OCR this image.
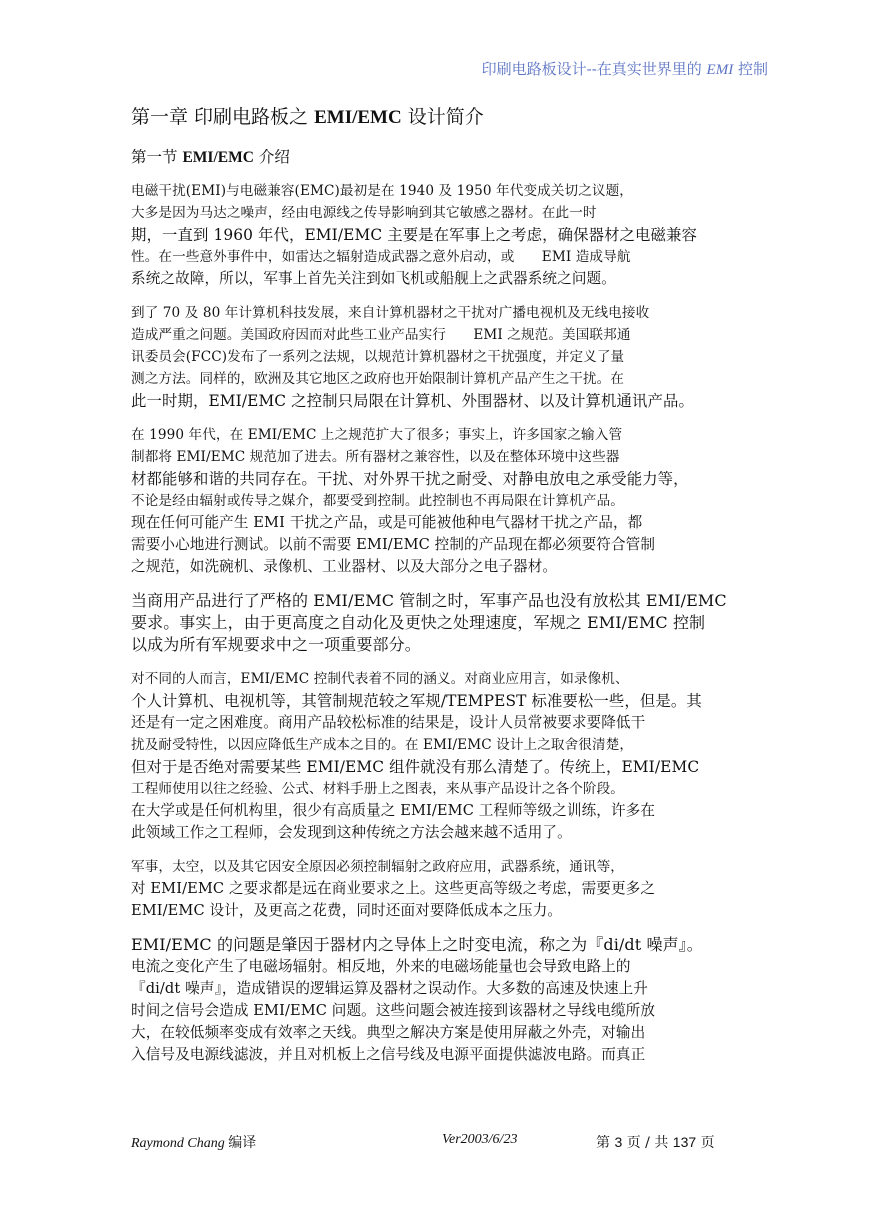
印刷电路板设计--在真实世界里的 EMI 控制
第一章 印刷电路板之 EMI/EMC 设计简介
第一节 EMI/EMC 介绍
电磁干扰(EMI)与电磁兼容(EMC)最初是在 1940 及 1950 年代变成关切之议题，
大多是因为马达之噪声，经由电源线之传导影响到其它敏感之器材。在此一时
期，一直到 1960 年代，EMI/EMC 主要是在军事上之考虑，确保器材之电磁兼容
性。在一些意外事件中，如雷达之辐射造成武器之意外启动，或　　EMI 造成导航
系统之故障，所以，军事上首先关注到如飞机或船舰上之武器系统之问题。
到了 70 及 80 年计算机科技发展，来自计算机器材之干扰对广播电视机及无线电接收
造成严重之问题。美国政府因而对此些工业产品实行　　EMI 之规范。美国联邦通
讯委员会(FCC)发布了一系列之法规，以规范计算机器材之干扰强度，并定义了量
测之方法。同样的，欧洲及其它地区之政府也开始限制计算机产品产生之干扰。在
此一时期，EMI/EMC 之控制只局限在计算机、外围器材、以及计算机通讯产品。
在 1990 年代，在 EMI/EMC 上之规范扩大了很多；事实上，许多国家之输入管
制都将 EMI/EMC 规范加了进去。所有器材之兼容性，以及在整体环境中这些器
材都能够和谐的共同存在。干扰、对外界干扰之耐受、对静电放电之承受能力等，
不论是经由辐射或传导之媒介，都要受到控制。此控制也不再局限在计算机产品。
现在任何可能产生 EMI 干扰之产品，或是可能被他种电气器材干扰之产品，都
需要小心地进行测试。以前不需要 EMI/EMC 控制的产品现在都必须要符合管制
之规范，如洗碗机、录像机、工业器材、以及大部分之电子器材。
当商用产品进行了严格的 EMI/EMC 管制之时，军事产品也没有放松其 EMI/EMC
要求。事实上，由于更高度之自动化及更快之处理速度，军规之 EMI/EMC 控制
以成为所有军规要求中之一项重要部分。
对不同的人而言，EMI/EMC 控制代表着不同的涵义。对商业应用言，如录像机、
个人计算机、电视机等，其管制规范较之军规/TEMPEST 标准要松一些，但是。其
还是有一定之困难度。商用产品较松标准的结果是，设计人员常被要求要降低干
扰及耐受特性，以因应降低生产成本之目的。在 EMI/EMC 设计上之取舍很清楚，
但对于是否绝对需要某些 EMI/EMC 组件就没有那么清楚了。传统上，EMI/EMC
工程师使用以往之经验、公式、材料手册上之图表，来从事产品设计之各个阶段。
在大学或是任何机构里，很少有高质量之 EMI/EMC 工程师等级之训练，许多在
此领域工作之工程师，会发现到这种传统之方法会越来越不适用了。
军事，太空，以及其它因安全原因必须控制辐射之政府应用，武器系统，通讯等，
对 EMI/EMC 之要求都是远在商业要求之上。这些更高等级之考虑，需要更多之
EMI/EMC 设计，及更高之花费，同时还面对要降低成本之压力。
EMI/EMC 的问题是肇因于器材内之导体上之时变电流，称之为『di/dt 噪声』。
电流之变化产生了电磁场辐射。相反地，外来的电磁场能量也会导致电路上的
『di/dt 噪声』，造成错误的逻辑运算及器材之误动作。大多数的高速及快速上升
时间之信号会造成 EMI/EMC 问题。这些问题会被连接到该器材之导线电缆所放
大，在较低频率变成有效率之天线。典型之解决方案是使用屏蔽之外壳，对输出
入信号及电源线滤波，并且对机板上之信号线及电源平面提供滤波电路。而真正
Raymond Chang 编译	Ver2003/6/23	第 3 页 / 共 137 页
